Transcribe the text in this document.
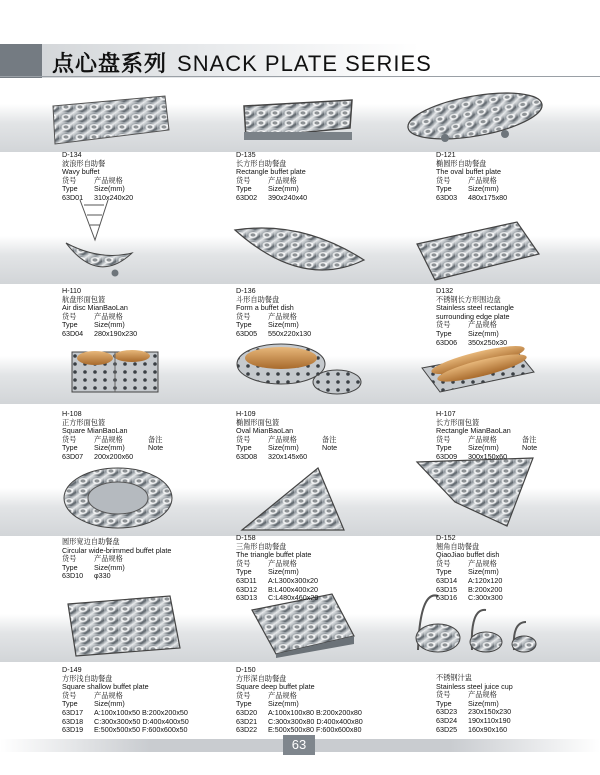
点心盘系列 SNACK PLATE SERIES
D-134
波浪形自助餐
Wavy buffet
货号	产品规格
Type	Size(mm)
63D01	310x240x20
D-135
长方形自助餐盘
Rectangle buffet plate
货号	产品规格
Type	Size(mm)
63D02	390x240x40
D-121
椭圆形自助餐盘
The oval buffet plate
货号	产品规格
Type	Size(mm)
63D03	480x175x80
H-110
航盘形面包篮
Air disc MianBaoLan
货号	产品规格
Type	Size(mm)
63D04	280x190x230
D-136
斗形自助餐盘
Form a buffet dish
货号	产品规格
Type	Size(mm)
63D05	550x220x130
D132
不锈钢长方形围边盘
Stainless steel rectangle
surrounding edge plate
货号	产品规格
Type	Size(mm)
63D06	350x250x30
H-108
正方形面包篮
Square MianBaoLan
货号	产品规格	备注
Type	Size(mm)	Note
63D07	200x200x60
H-109
椭圆形面包篮
Oval MianBaoLan
货号	产品规格	备注
Type	Size(mm)	Note
63D08	320x145x60
H-107
长方形面包篮
Rectangle MianBaoLan
货号	产品规格	备注
Type	Size(mm)	Note
63D09	300x150x60
圆形宽边自助餐盘
Circular wide-brimmed buffet plate
货号	产品规格
Type	Size(mm)
63D10	φ330
D-158
三角形自助餐盘
The triangle buffet plate
货号	产品规格
Type	Size(mm)
63D11	A:L300x300x20
63D12	B:L400x400x20
63D13	C:L480x460x20
D-152
翘角自助餐盘
QiaoJiao buffet dish
货号	产品规格
Type	Size(mm)
63D14	A:120x120
63D15	B:200x200
63D16	C:300x300
D-149
方形浅自助餐盘
Square shallow buffet plate
货号	产品规格
Type	Size(mm)
63D17	A:100x100x50 B:200x200x50
63D18	C:300x300x50 D:400x400x50
63D19	E:500x500x50 F:600x600x50
D-150
方形深自助餐盘
Square deep buffet plate
货号	产品规格
Type	Size(mm)
63D20	A:100x100x80 B:200x200x80
63D21	C:300x300x80 D:400x400x80
63D22	E:500x500x80 F:600x600x80
不锈钢汁盅
Stainless steel juice cup
货号	产品规格
Type	Size(mm)
63D23	230x150x230
63D24	190x110x190
63D25	160x90x160
63
